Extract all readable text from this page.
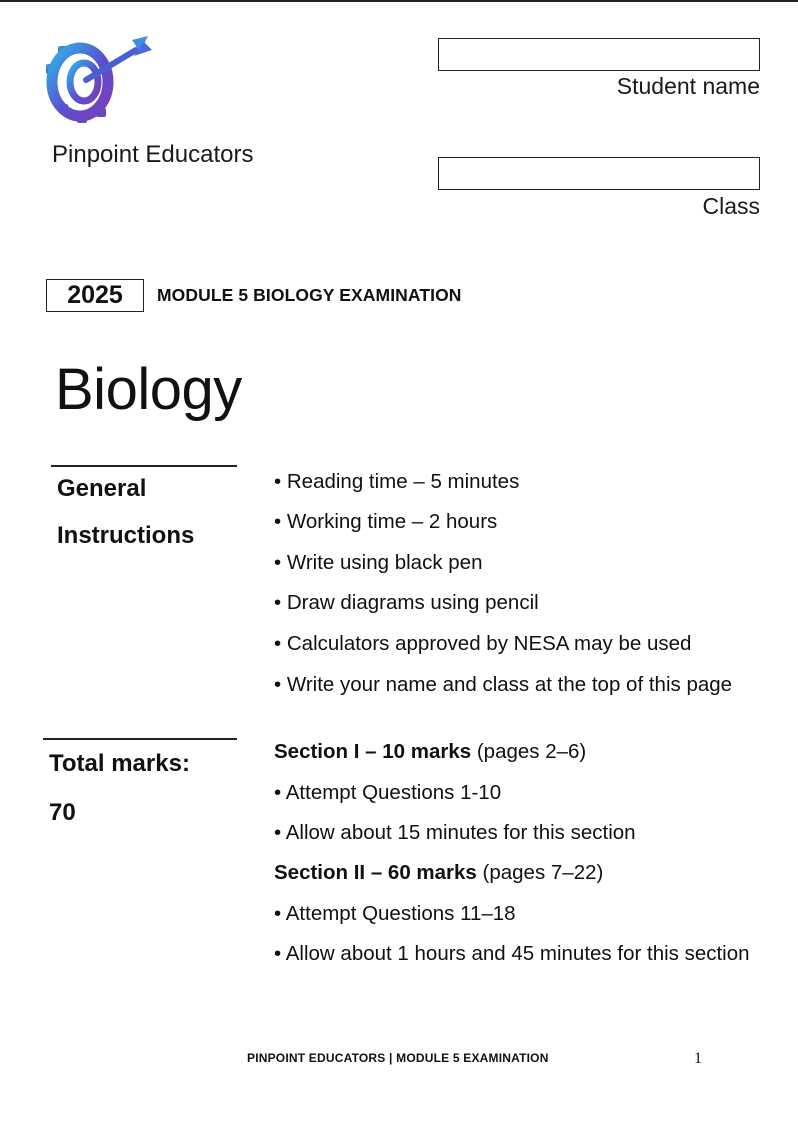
Pinpoint Educators
Student name
Class
2025	MODULE 5 BIOLOGY EXAMINATION
Biology
General
Instructions
• Reading time – 5 minutes
• Working time – 2 hours
• Write using black pen
• Draw diagrams using pencil
• Calculators approved by NESA may be used
• Write your name and class at the top of this page
Total marks:
70
Section I – 10 marks (pages 2–6)
• Attempt Questions 1-10
• Allow about 15 minutes for this section
Section II – 60 marks (pages 7–22)
• Attempt Questions 11–18
• Allow about 1 hours and 45 minutes for this section
PINPOINT EDUCATORS | MODULE 5 EXAMINATION	1
